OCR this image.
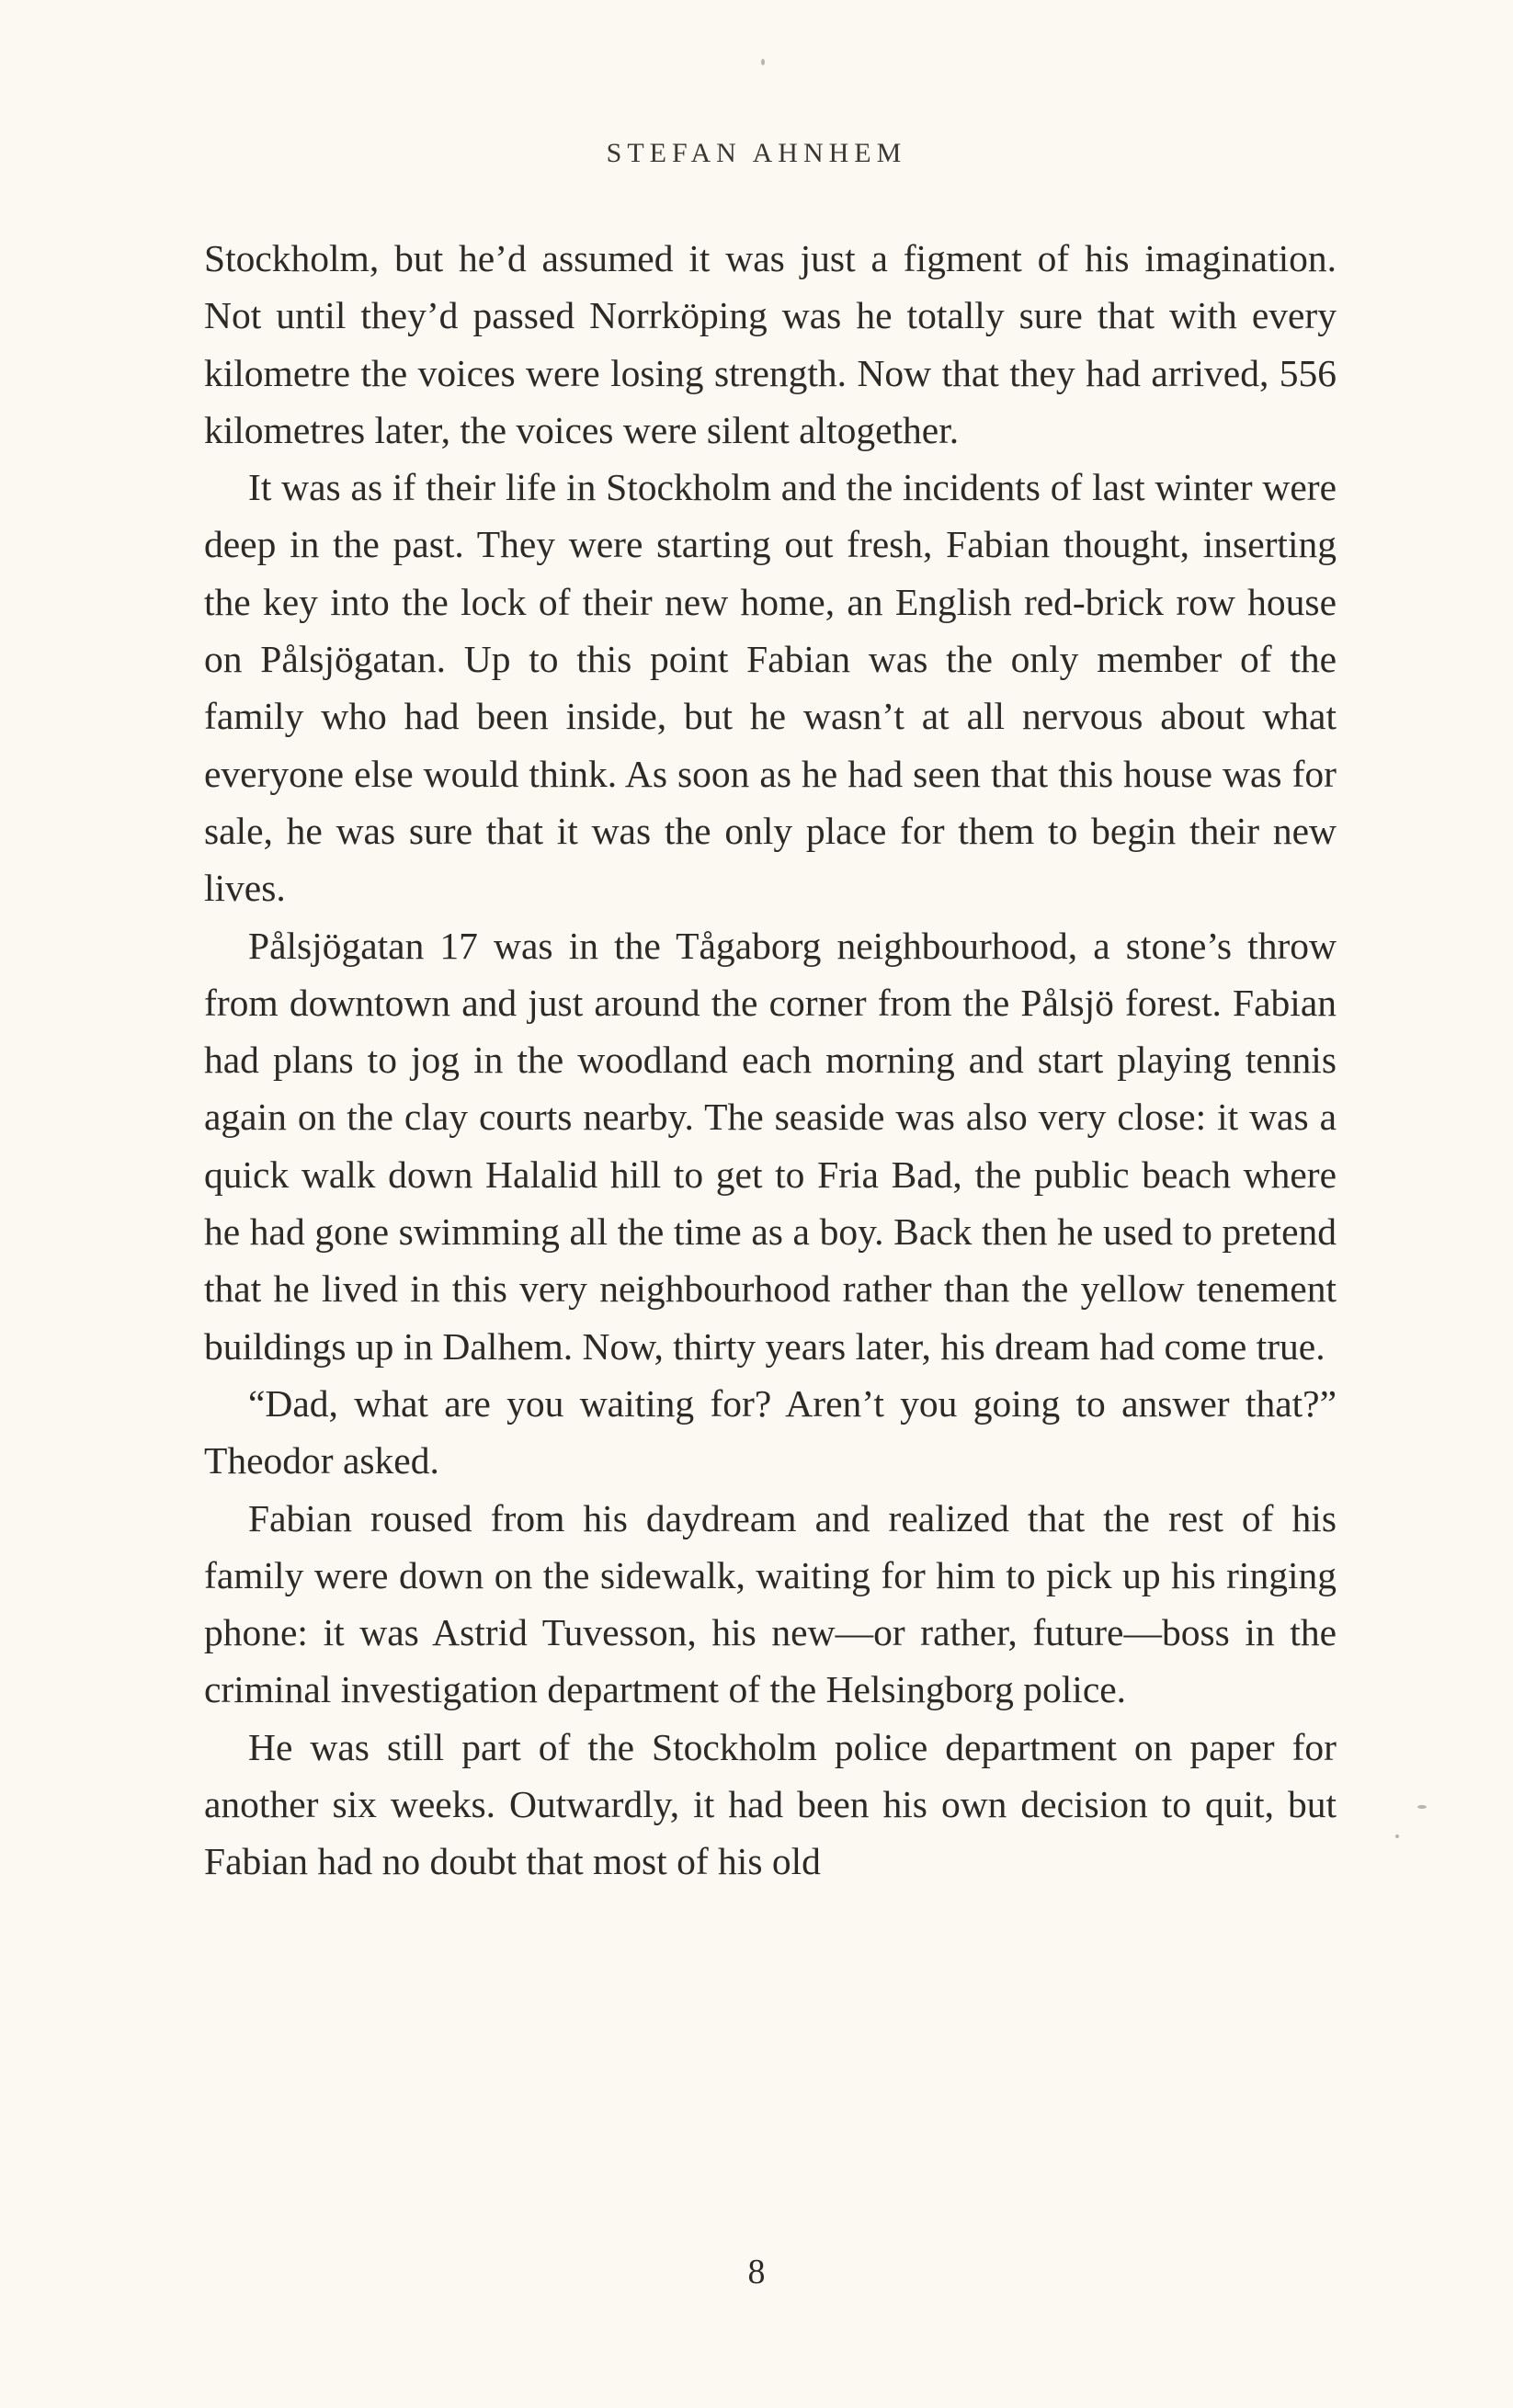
STEFAN AHNHEM

Stockholm, but he’d assumed it was just a figment of his imagination. Not until they’d passed Norrköping was he totally sure that with every kilometre the voices were losing strength. Now that they had arrived, 556 kilometres later, the voices were silent altogether.

It was as if their life in Stockholm and the incidents of last winter were deep in the past. They were starting out fresh, Fabian thought, inserting the key into the lock of their new home, an English red-brick row house on Pålsjögatan. Up to this point Fabian was the only member of the family who had been inside, but he wasn’t at all nervous about what everyone else would think. As soon as he had seen that this house was for sale, he was sure that it was the only place for them to begin their new lives.

Pålsjögatan 17 was in the Tågaborg neighbourhood, a stone’s throw from downtown and just around the corner from the Pålsjö forest. Fabian had plans to jog in the woodland each morning and start playing tennis again on the clay courts nearby. The seaside was also very close: it was a quick walk down Halalid hill to get to Fria Bad, the public beach where he had gone swimming all the time as a boy. Back then he used to pretend that he lived in this very neighbourhood rather than the yellow tenement buildings up in Dalhem. Now, thirty years later, his dream had come true.

“Dad, what are you waiting for? Aren’t you going to answer that?” Theodor asked.

Fabian roused from his daydream and realized that the rest of his family were down on the sidewalk, waiting for him to pick up his ringing phone: it was Astrid Tuvesson, his new—or rather, future—boss in the criminal investigation department of the Helsingborg police.

He was still part of the Stockholm police department on paper for another six weeks. Outwardly, it had been his own decision to quit, but Fabian had no doubt that most of his old

8
